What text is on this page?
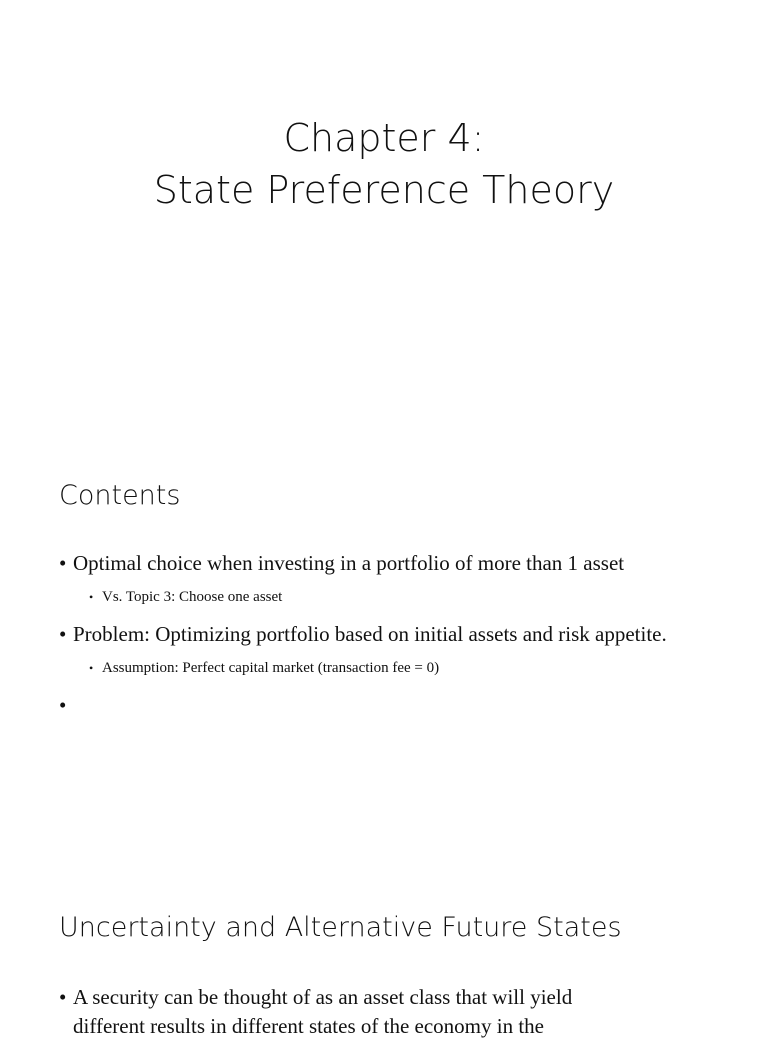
Chapter 4:
State Preference Theory
Contents
• Optimal choice when investing in a portfolio of more than 1 asset
• Vs. Topic 3: Choose one asset
• Problem: Optimizing portfolio based on initial assets and risk appetite.
• Assumption: Perfect capital market (transaction fee = 0)
•
Uncertainty and Alternative Future States
• A security can be thought of as an asset class that will yield
different results in different states of the economy in the
